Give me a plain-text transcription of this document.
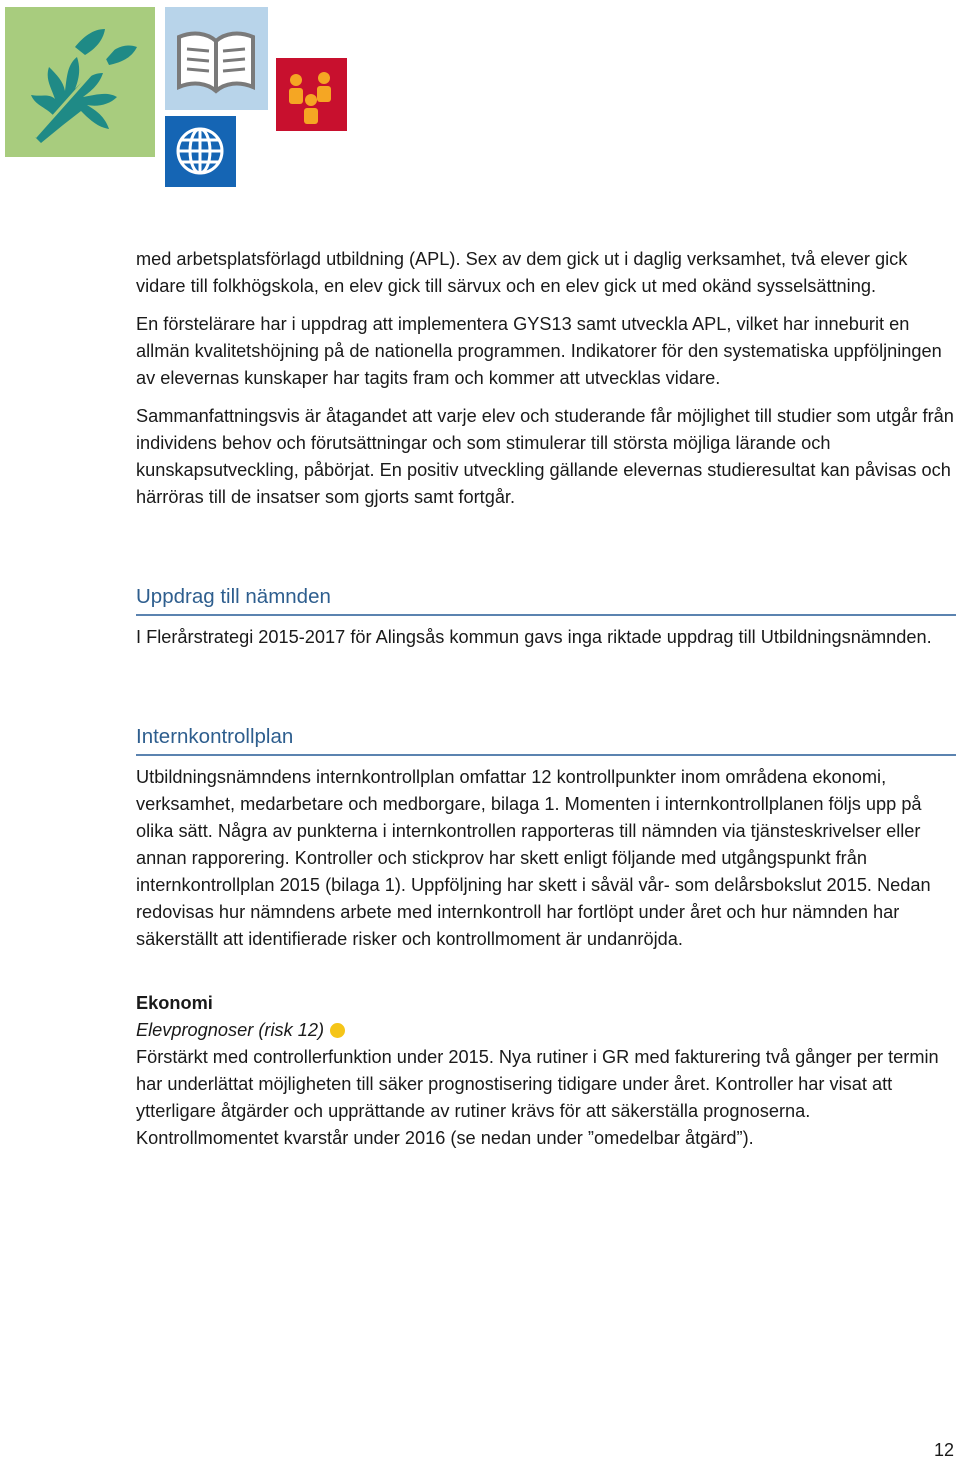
med arbetsplatsförlagd utbildning (APL). Sex av dem gick ut i daglig verksamhet, två elever gick vidare till folkhögskola, en elev gick till särvux och en elev gick ut med okänd sysselsättning.

En förstelärare har i uppdrag att implementera GYS13 samt utveckla APL, vilket har inneburit en allmän kvalitetshöjning på de nationella programmen. Indikatorer för den systematiska uppföljningen av elevernas kunskaper har tagits fram och kommer att utvecklas vidare.

Sammanfattningsvis är åtagandet att varje elev och studerande får möjlighet till studier som utgår från individens behov och förutsättningar och som stimulerar till största möjliga lärande och kunskapsutveckling, påbörjat. En positiv utveckling gällande elevernas studieresultat kan påvisas och härröras till de insatser som gjorts samt fortgår.

Uppdrag till nämnden

I Flerårstrategi 2015-2017 för Alingsås kommun gavs inga riktade uppdrag till Utbildningsnämnden.

Internkontrollplan

Utbildningsnämndens internkontrollplan omfattar 12 kontrollpunkter inom områdena ekonomi, verksamhet, medarbetare och medborgare, bilaga 1. Momenten i internkontrollplanen följs upp på olika sätt. Några av punkterna i internkontrollen rapporteras till nämnden via tjänsteskrivelser eller annan rapporering. Kontroller och stickprov har skett enligt följande med utgångspunkt från internkontrollplan 2015 (bilaga 1). Uppföljning har skett i såväl vår- som delårsbokslut 2015. Nedan redovisas hur nämndens arbete med internkontroll har fortlöpt under året och hur nämnden har säkerställt att identifierade risker och kontrollmoment är undanröjda.

Ekonomi

Elevprognoser (risk 12)

Förstärkt med controllerfunktion under 2015. Nya rutiner i GR med fakturering två gånger per termin har underlättat möjligheten till säker prognostisering tidigare under året. Kontroller har visat att ytterligare åtgärder och upprättande av rutiner krävs för att säkerställa prognoserna. Kontrollmomentet kvarstår under 2016 (se nedan under ”omedelbar åtgärd”).

12
